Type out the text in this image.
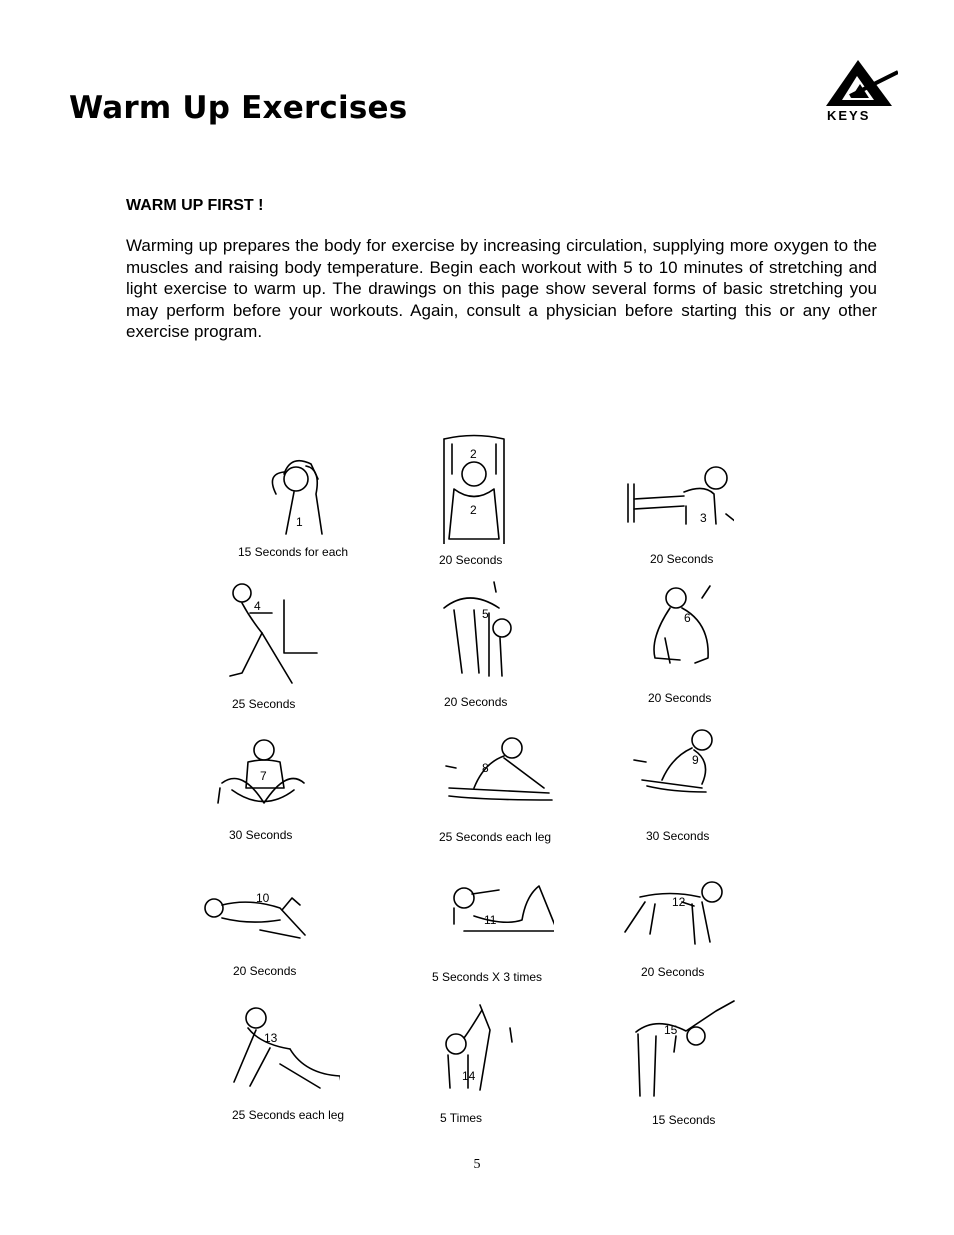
Warm Up Exercises	KEYS
WARM UP FIRST !

Warming up prepares the body for exercise by increasing circulation, supplying more oxygen to the muscles and raising body temperature. Begin each workout with 5 to 10 minutes of stretching and light exercise to warm up. The drawings on this page show several forms of basic stretching you may perform before your workouts. Again, consult a physician before starting this or any other exercise program.

1
15 Seconds for each
2
2
20 Seconds
3
20 Seconds
4
25 Seconds
5
20 Seconds
6
20 Seconds
7
30 Seconds
8
25 Seconds each leg
9
30 Seconds
10
20 Seconds
11
5 Seconds X 3 times
12
20 Seconds
13
25 Seconds each leg
14
5 Times
15
15 Seconds
5
